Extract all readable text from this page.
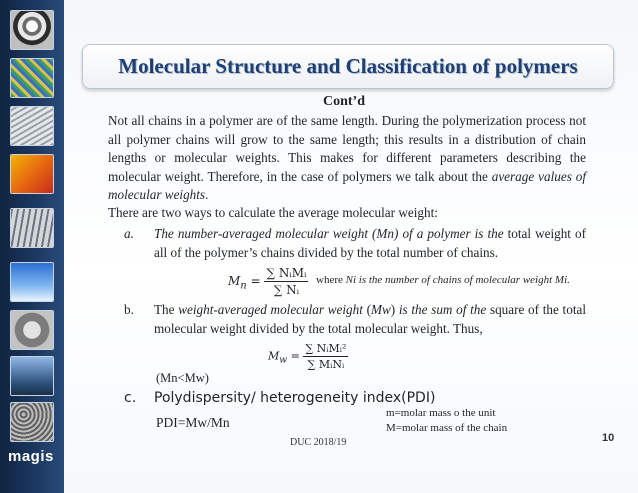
magis
Molecular Structure and Classification of polymers
Cont’d
Not all chains in a polymer are of the same length. During the polymerization process not all polymer chains will grow to the same length; this results in a distribution of chain lengths or molecular weights. This makes for different parameters describing the molecular weight. Therefore, in the case of polymers we talk about the average values of molecular weights.
There are two ways to calculate the average molecular weight:
a.	The number-averaged molecular weight (Mn) of a polymer is the total weight of all of the polymer’s chains divided by the total number of chains.
$M_n = \frac{\text{∑ NᵢMᵢ}}{\text{∑ Nᵢ}}$ where Ni is the number of chains of molecular weight Mi.
b.	The weight-averaged molecular weight (Mw) is the sum of the square of the total molecular weight divided by the total molecular weight. Thus,
$M_w = \frac{\text{∑ NᵢMᵢ²}}{\text{∑ MᵢNᵢ}}$
(Mn<Mw)
c. Polydispersity/ heterogeneity index(PDI)
PDI=Mw/Mn
m=molar mass o the unit
M=molar mass of the chain
DUC 2018/19	10
